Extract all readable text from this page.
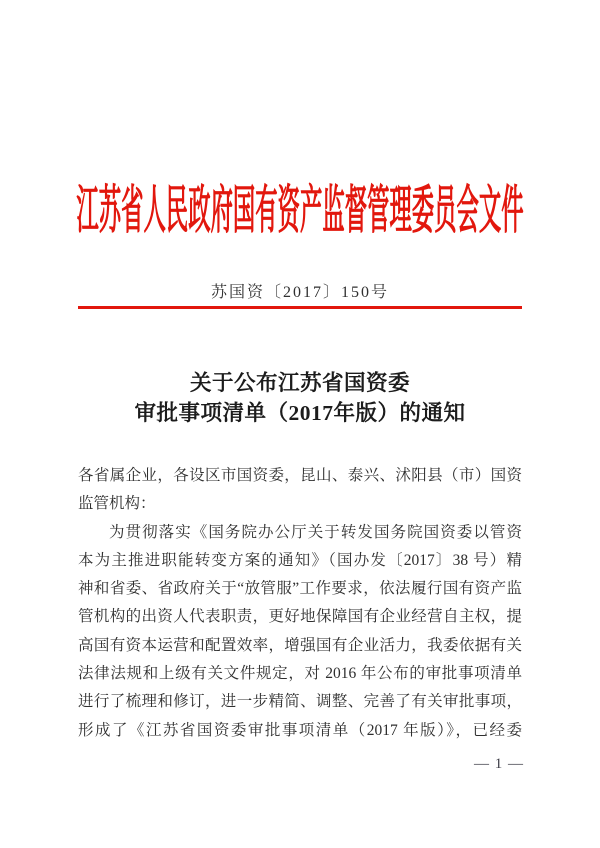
江苏省人民政府国有资产监督管理委员会文件
苏国资〔2017〕150号
关于公布江苏省国资委
审批事项清单（2017年版）的通知
各省属企业，各设区市国资委，昆山、泰兴、沭阳县（市）国资
监管机构：
为贯彻落实《国务院办公厅关于转发国务院国资委以管资
本为主推进职能转变方案的通知》（国办发〔2017〕38 号）精
神和省委、省政府关于“放管服”工作要求，依法履行国有资产监
管机构的出资人代表职责，更好地保障国有企业经营自主权，提
高国有资本运营和配置效率，增强国有企业活力，我委依据有关
法律法规和上级有关文件规定，对 2016 年公布的审批事项清单
进行了梳理和修订，进一步精简、调整、完善了有关审批事项，
形成了《江苏省国资委审批事项清单（2017 年版）》，已经委
— 1 —
